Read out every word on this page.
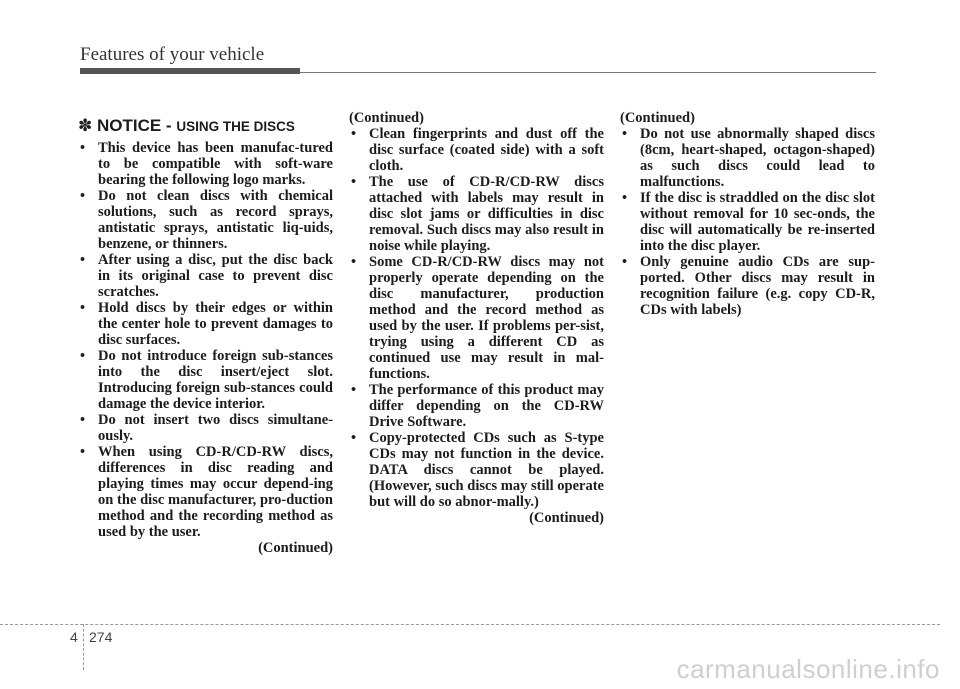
Features of your vehicle
✽ NOTICE - USING THE DISCS
• This device has been manufac-tured to be compatible with soft-ware bearing the following logo marks.
• Do not clean discs with chemical solutions, such as record sprays, antistatic sprays, antistatic liq-uids, benzene, or thinners.
• After using a disc, put the disc back in its original case to prevent disc scratches.
• Hold discs by their edges or within the center hole to prevent damages to disc surfaces.
• Do not introduce foreign sub-stances into the disc insert/eject slot. Introducing foreign sub-stances could damage the device interior.
• Do not insert two discs simultane-ously.
• When using CD-R/CD-RW discs, differences in disc reading and playing times may occur depend-ing on the disc manufacturer, pro-duction method and the recording method as used by the user.
(Continued)
(Continued)
• Clean fingerprints and dust off the disc surface (coated side) with a soft cloth.
• The use of CD-R/CD-RW discs attached with labels may result in disc slot jams or difficulties in disc removal. Such discs may also result in noise while playing.
• Some CD-R/CD-RW discs may not properly operate depending on the disc manufacturer, production method and the record method as used by the user. If problems per-sist, trying using a different CD as continued use may result in mal-functions.
• The performance of this product may differ depending on the CD-RW Drive Software.
• Copy-protected CDs such as S-type CDs may not function in the device. DATA discs cannot be played. (However, such discs may still operate but will do so abnor-mally.)
(Continued)
(Continued)
• Do not use abnormally shaped discs (8cm, heart-shaped, octagon-shaped) as such discs could lead to malfunctions.
• If the disc is straddled on the disc slot without removal for 10 sec-onds, the disc will automatically be re-inserted into the disc player.
• Only genuine audio CDs are sup-ported. Other discs may result in recognition failure (e.g. copy CD-R, CDs with labels)
4 274
carmanualsonline.info
